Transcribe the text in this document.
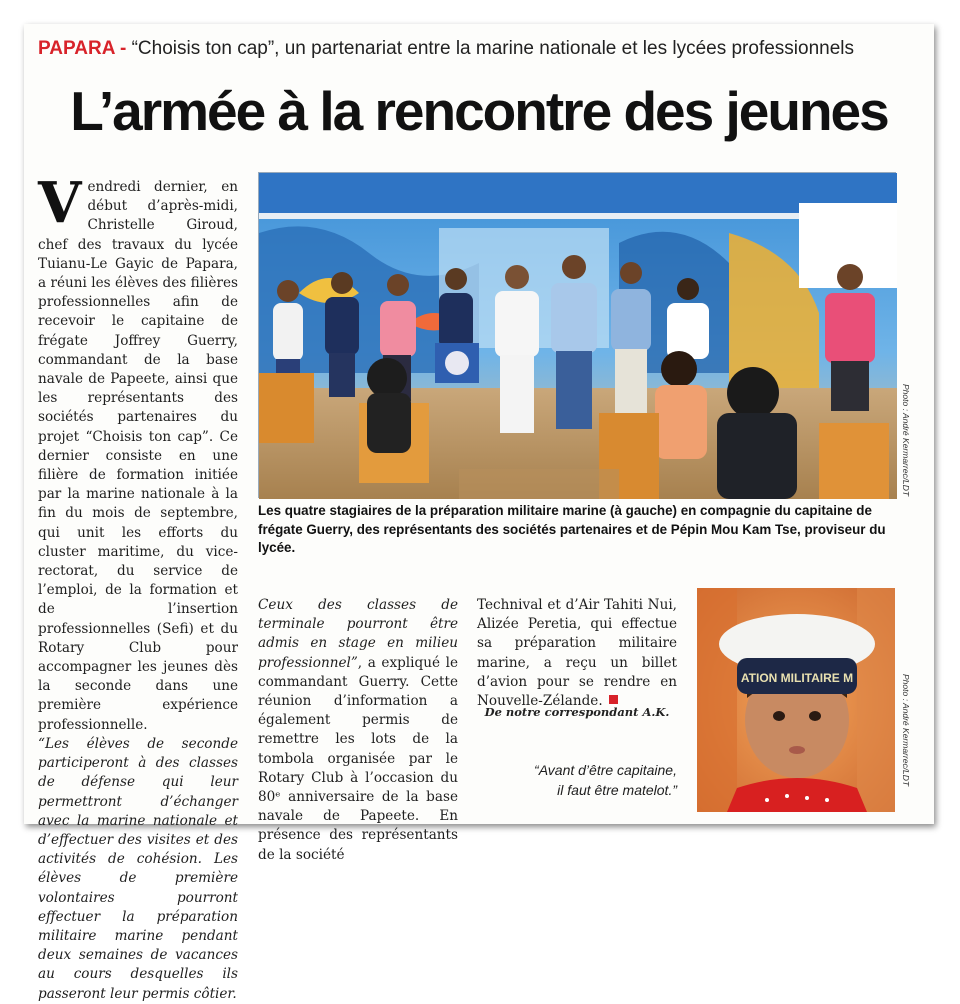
PAPARA - “Choisis ton cap”, un partenariat entre la marine nationale et les lycées professionnels
L’armée à la rencontre des jeunes

Vendredi dernier, en début d’après-midi, Christelle Giroud, chef des travaux du lycée Tuianu-Le Gayic de Papara, a réuni les élèves des filières professionnelles afin de recevoir le capitaine de frégate Joffrey Guerry, commandant de la base navale de Papeete, ainsi que les représentants des sociétés partenaires du projet “Choisis ton cap”. Ce dernier consiste en une filière de formation initiée par la marine nationale à la fin du mois de septembre, qui unit les efforts du cluster maritime, du vice-rectorat, du service de l’emploi, de la formation et de l’insertion professionnelles (Sefi) et du Rotary Club pour accompagner les jeunes dès la seconde dans une première expérience professionnelle.

“Les élèves de seconde participeront à des classes de défense qui leur permettront d’échanger avec la marine nationale et d’effectuer des visites et des activités de cohésion. Les élèves de première volontaires pourront effectuer la préparation militaire marine pendant deux semaines de vacances au cours desquelles ils passeront leur permis côtier.

Ceux des classes de terminale pourront être admis en stage en milieu professionnel”, a expliqué le commandant Guerry. Cette réunion d’information a également permis de remettre les lots de la tombola organisée par le Rotary Club à l’occasion du 80ᵉ anniversaire de la base navale de Papeete. En présence des représentants de la société

Technival et d’Air Tahiti Nui, Alizée Peretia, qui effectue sa préparation militaire marine, a reçu un billet d’avion pour se rendre en Nouvelle-Zélande.

De notre correspondant A.K.
“Avant d’être capitaine,
il faut être matelot.”
Photo : André Kermarrec/LDT
Les quatre stagiaires de la préparation militaire marine (à gauche) en compagnie du capitaine de frégate Guerry, des représentants des sociétés partenaires et de Pépin Mou Kam Tse, proviseur du lycée.
ATION MILITAIRE M	Photo : André Kermarrec/LDT
